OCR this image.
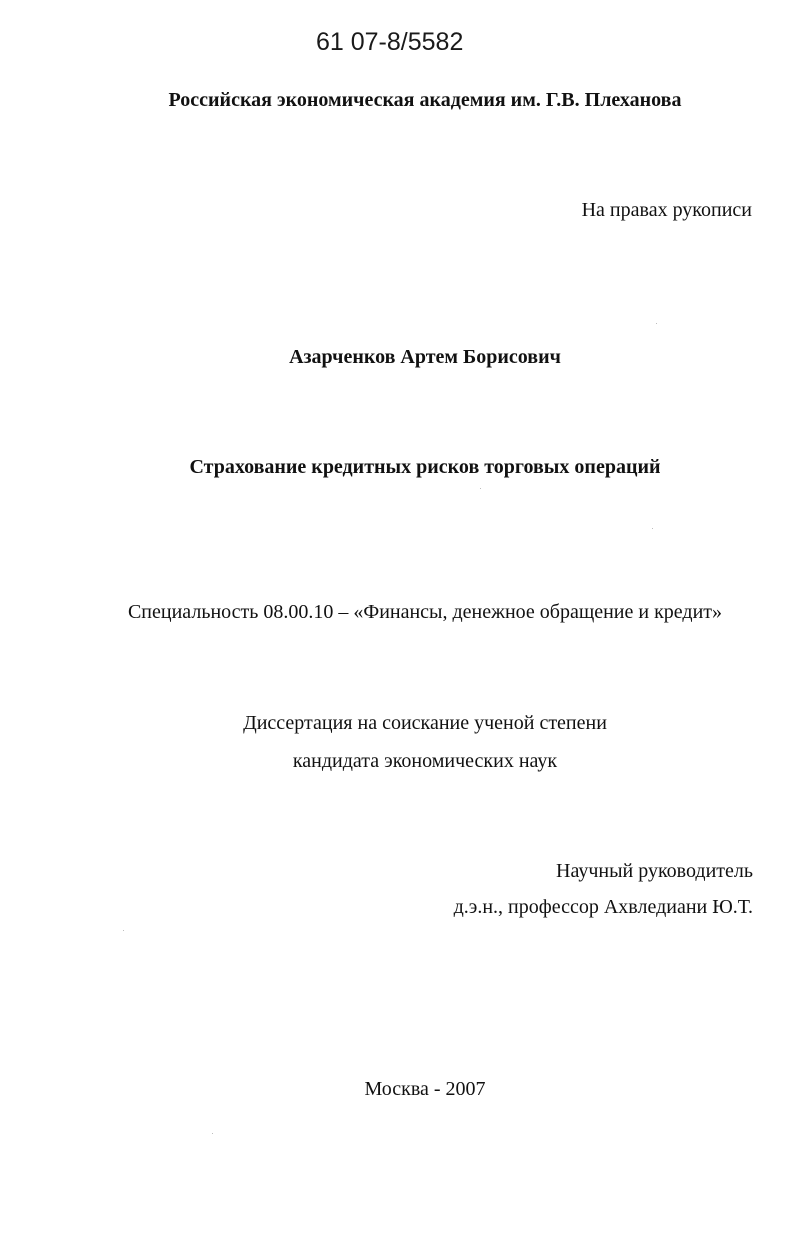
61 07-8/5582
Российская экономическая академия им. Г.В. Плеханова
На правах рукописи
Азарченков Артем Борисович
Страхование кредитных рисков торговых операций
Специальность 08.00.10 – «Финансы, денежное обращение и кредит»
Диссертация на соискание ученой степени
кандидата экономических наук
Научный руководитель
д.э.н., профессор Ахвледиани Ю.Т.
Москва - 2007
